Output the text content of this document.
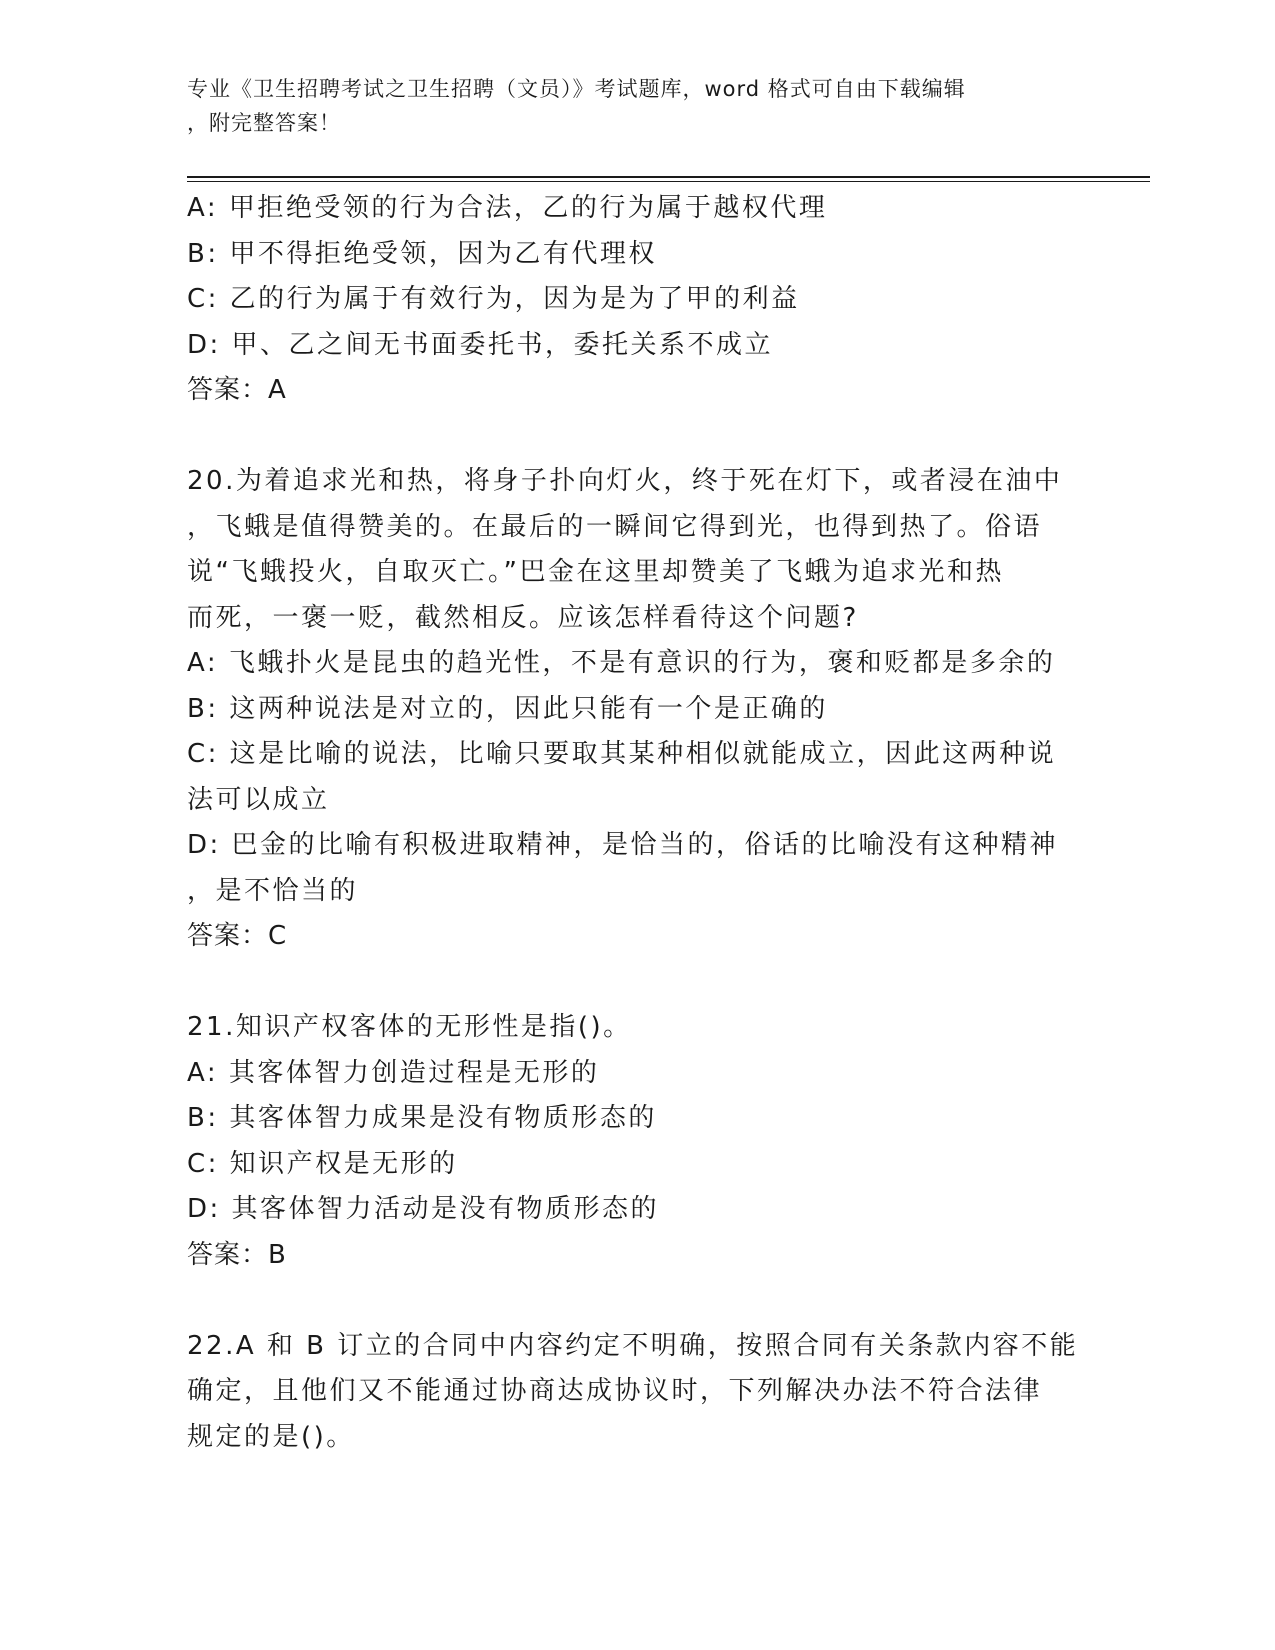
专业《卫生招聘考试之卫生招聘（文员）》考试题库，word 格式可自由下载编辑
，附完整答案！
A: 甲拒绝受领的行为合法，乙的行为属于越权代理
B: 甲不得拒绝受领，因为乙有代理权
C: 乙的行为属于有效行为，因为是为了甲的利益
D: 甲、乙之间无书面委托书，委托关系不成立
答案：A
20.为着追求光和热，将身子扑向灯火，终于死在灯下，或者浸在油中
，飞蛾是值得赞美的。在最后的一瞬间它得到光，也得到热了。俗语
说“飞蛾投火，自取灭亡。”巴金在这里却赞美了飞蛾为追求光和热
而死，一褒一贬，截然相反。应该怎样看待这个问题?
A: 飞蛾扑火是昆虫的趋光性，不是有意识的行为，褒和贬都是多余的
B: 这两种说法是对立的，因此只能有一个是正确的
C: 这是比喻的说法，比喻只要取其某种相似就能成立，因此这两种说
法可以成立
D: 巴金的比喻有积极进取精神，是恰当的，俗话的比喻没有这种精神
，是不恰当的
答案：C
21.知识产权客体的无形性是指()。
A: 其客体智力创造过程是无形的
B: 其客体智力成果是没有物质形态的
C: 知识产权是无形的
D: 其客体智力活动是没有物质形态的
答案：B
22.A 和 B 订立的合同中内容约定不明确，按照合同有关条款内容不能
确定，且他们又不能通过协商达成协议时，下列解决办法不符合法律
规定的是()。
